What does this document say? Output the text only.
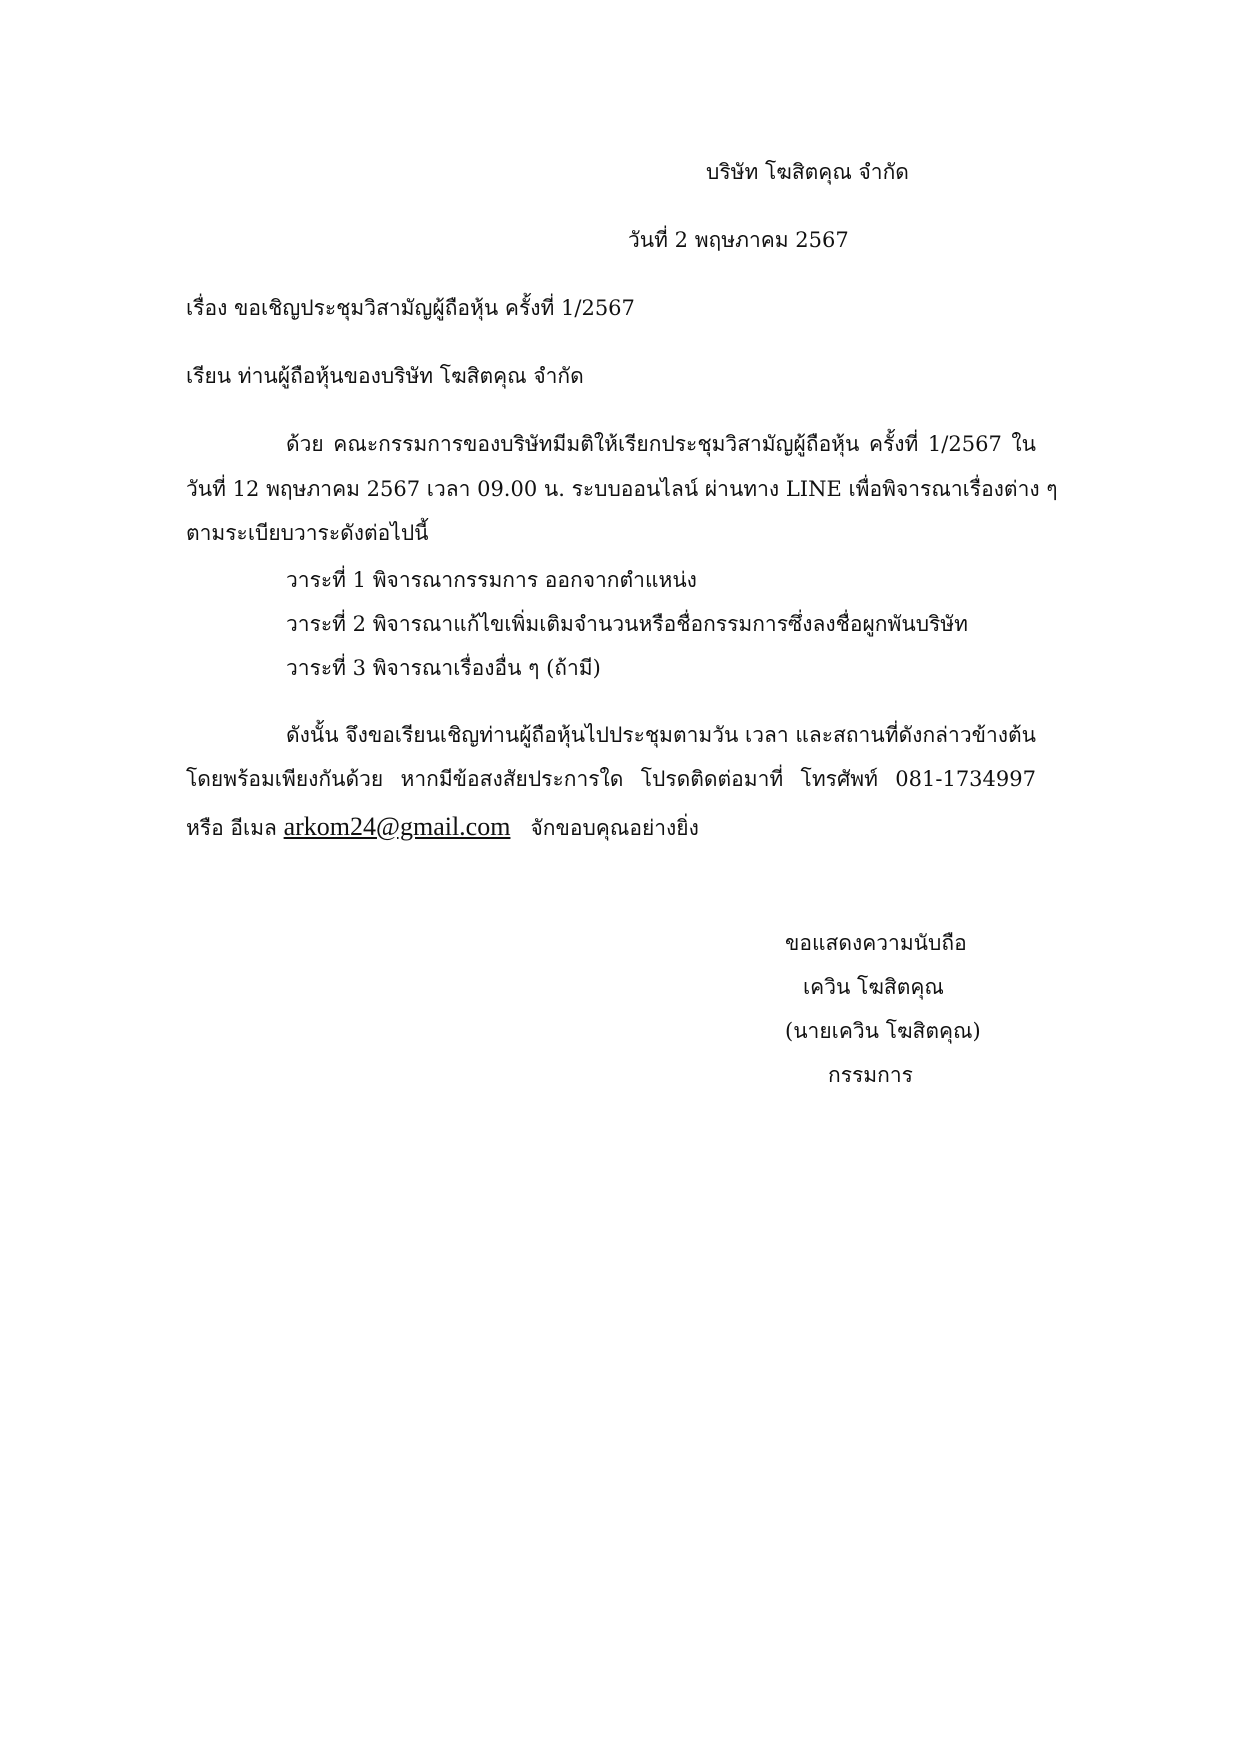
บริษัท โฆสิตคุณ จำกัด
วันที่ 2 พฤษภาคม 2567
เรื่อง ขอเชิญประชุมวิสามัญผู้ถือหุ้น ครั้งที่ 1/2567
เรียน ท่านผู้ถือหุ้นของบริษัท โฆสิตคุณ จำกัด
ด้วย คณะกรรมการของบริษัทมีมติให้เรียกประชุมวิสามัญผู้ถือหุ้น ครั้งที่ 1/2567 ใน
วันที่ 12 พฤษภาคม 2567 เวลา 09.00 น. ระบบออนไลน์ ผ่านทาง LINE เพื่อพิจารณาเรื่องต่าง ๆ
ตามระเบียบวาระดังต่อไปนี้
วาระที่ 1 พิจารณากรรมการ ออกจากตำแหน่ง
วาระที่ 2 พิจารณาแก้ไขเพิ่มเติมจำนวนหรือชื่อกรรมการซึ่งลงชื่อผูกพันบริษัท
วาระที่ 3 พิจารณาเรื่องอื่น ๆ (ถ้ามี)
ดังนั้น จึงขอเรียนเชิญท่านผู้ถือหุ้นไปประชุมตามวัน เวลา และสถานที่ดังกล่าวข้างต้น
โดยพร้อมเพียงกันด้วย หากมีข้อสงสัยประการใด โปรดติดต่อมาที่ โทรศัพท์ 081-1734997
หรือ อีเมล arkom24@gmail.com จักขอบคุณอย่างยิ่ง
ขอแสดงความนับถือ
เควิน โฆสิตคุณ
(นายเควิน โฆสิตคุณ)
กรรมการ
